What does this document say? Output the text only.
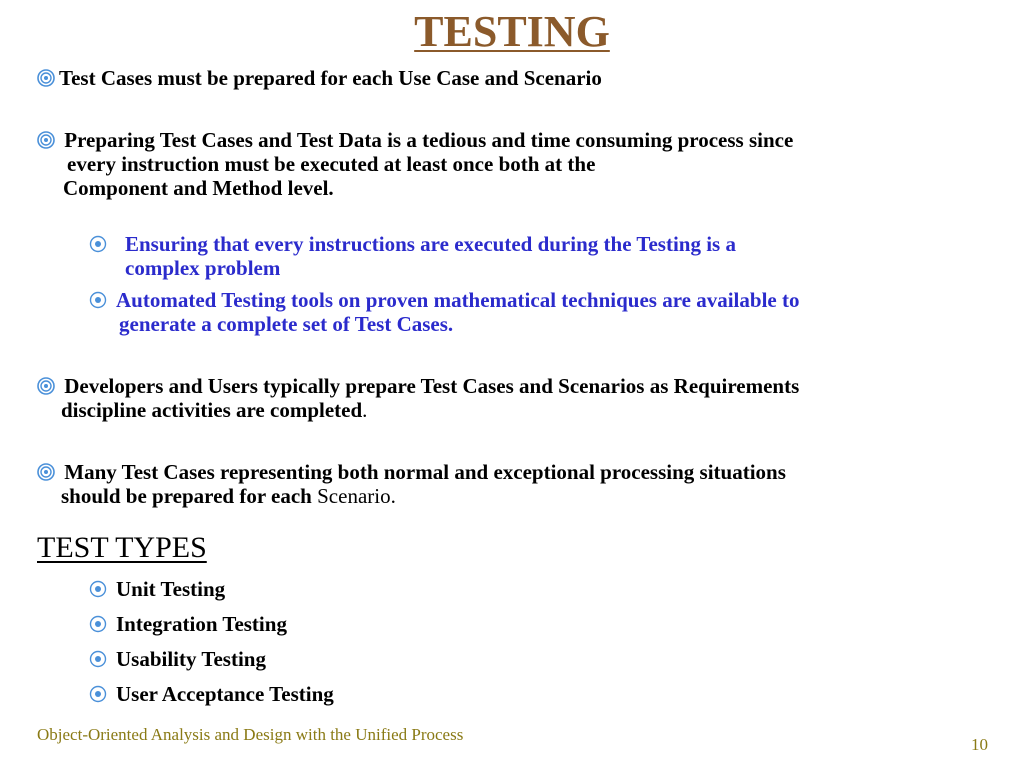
TESTING
Test Cases must be prepared for each Use Case and Scenario
Preparing Test Cases and Test Data is a tedious and time consuming process since
every instruction must be executed at least once both at the
Component and Method level.
Ensuring that every instructions are executed during the Testing is a
complex problem
Automated Testing tools on proven mathematical techniques are available to
generate a complete set of Test Cases.
Developers and Users typically prepare Test Cases and Scenarios as Requirements
discipline activities are completed.
Many Test Cases representing both normal and exceptional processing situations
should be prepared for each Scenario.
TEST TYPES
Unit Testing
Integration Testing
Usability Testing
User Acceptance Testing
Object-Oriented Analysis and Design with the Unified Process
10
